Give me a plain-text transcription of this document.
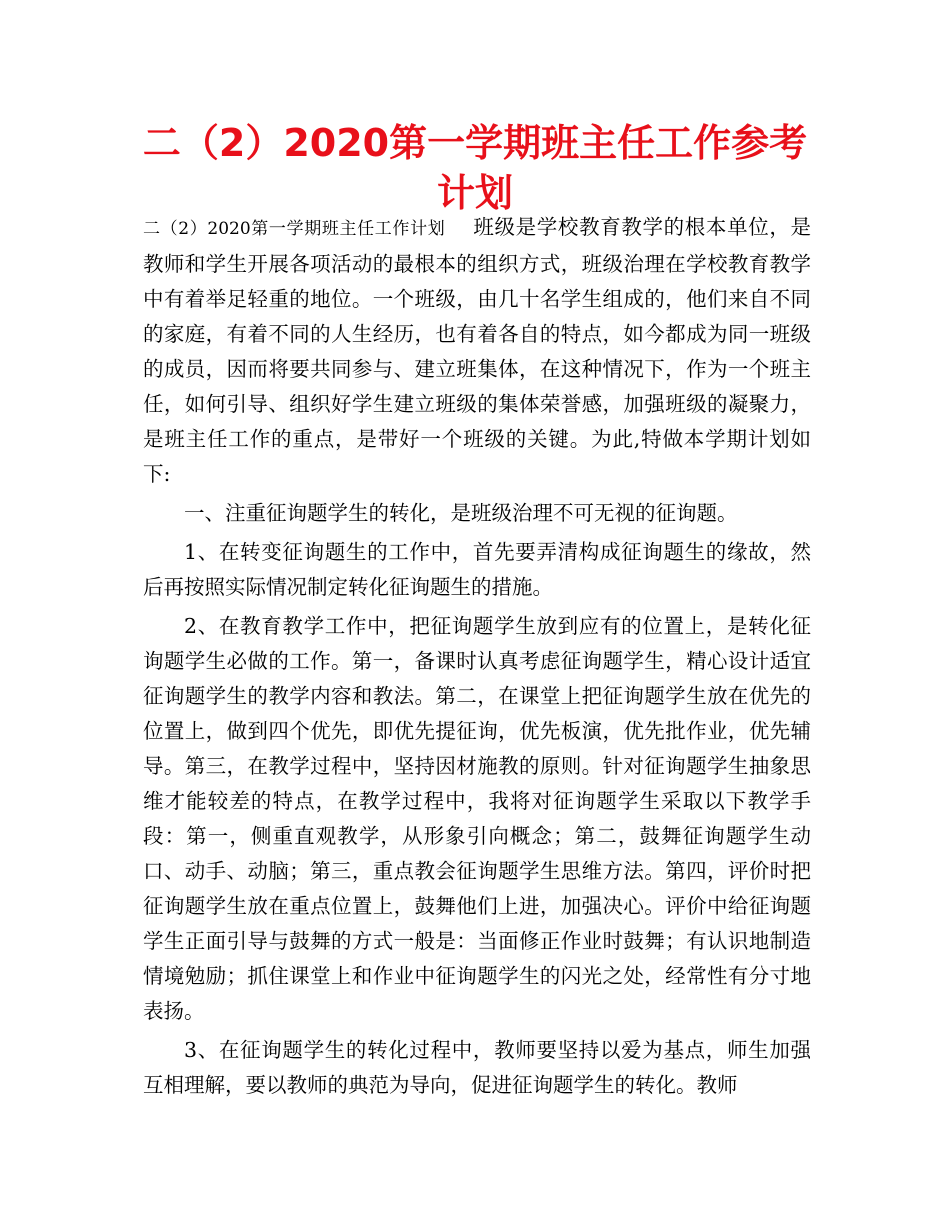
二（2）2020第一学期班主任工作参考计划

二（2）2020第一学期班主任工作计划 班级是学校教育教学的根本单位，是教师和学生开展各项活动的最根本的组织方式，班级治理在学校教育教学中有着举足轻重的地位。一个班级，由几十名学生组成的，他们来自不同的家庭，有着不同的人生经历，也有着各自的特点，如今都成为同一班级的成员，因而将要共同参与、建立班集体，在这种情况下，作为一个班主任，如何引导、组织好学生建立班级的集体荣誉感，加强班级的凝聚力，是班主任工作的重点，是带好一个班级的关键。为此,特做本学期计划如下:

一、注重征询题学生的转化，是班级治理不可无视的征询题。

1、在转变征询题生的工作中，首先要弄清构成征询题生的缘故，然后再按照实际情况制定转化征询题生的措施。

2、在教育教学工作中，把征询题学生放到应有的位置上，是转化征询题学生必做的工作。第一，备课时认真考虑征询题学生，精心设计适宜征询题学生的教学内容和教法。第二，在课堂上把征询题学生放在优先的位置上，做到四个优先，即优先提征询，优先板演，优先批作业，优先辅导。第三，在教学过程中，坚持因材施教的原则。针对征询题学生抽象思维才能较差的特点，在教学过程中，我将对征询题学生采取以下教学手段：第一，侧重直观教学，从形象引向概念；第二，鼓舞征询题学生动口、动手、动脑；第三，重点教会征询题学生思维方法。第四，评价时把征询题学生放在重点位置上，鼓舞他们上进，加强决心。评价中给征询题学生正面引导与鼓舞的方式一般是：当面修正作业时鼓舞；有认识地制造情境勉励；抓住课堂上和作业中征询题学生的闪光之处，经常性有分寸地表扬。

3、在征询题学生的转化过程中，教师要坚持以爱为基点，师生加强互相理解，要以教师的典范为导向，促进征询题学生的转化。教师
